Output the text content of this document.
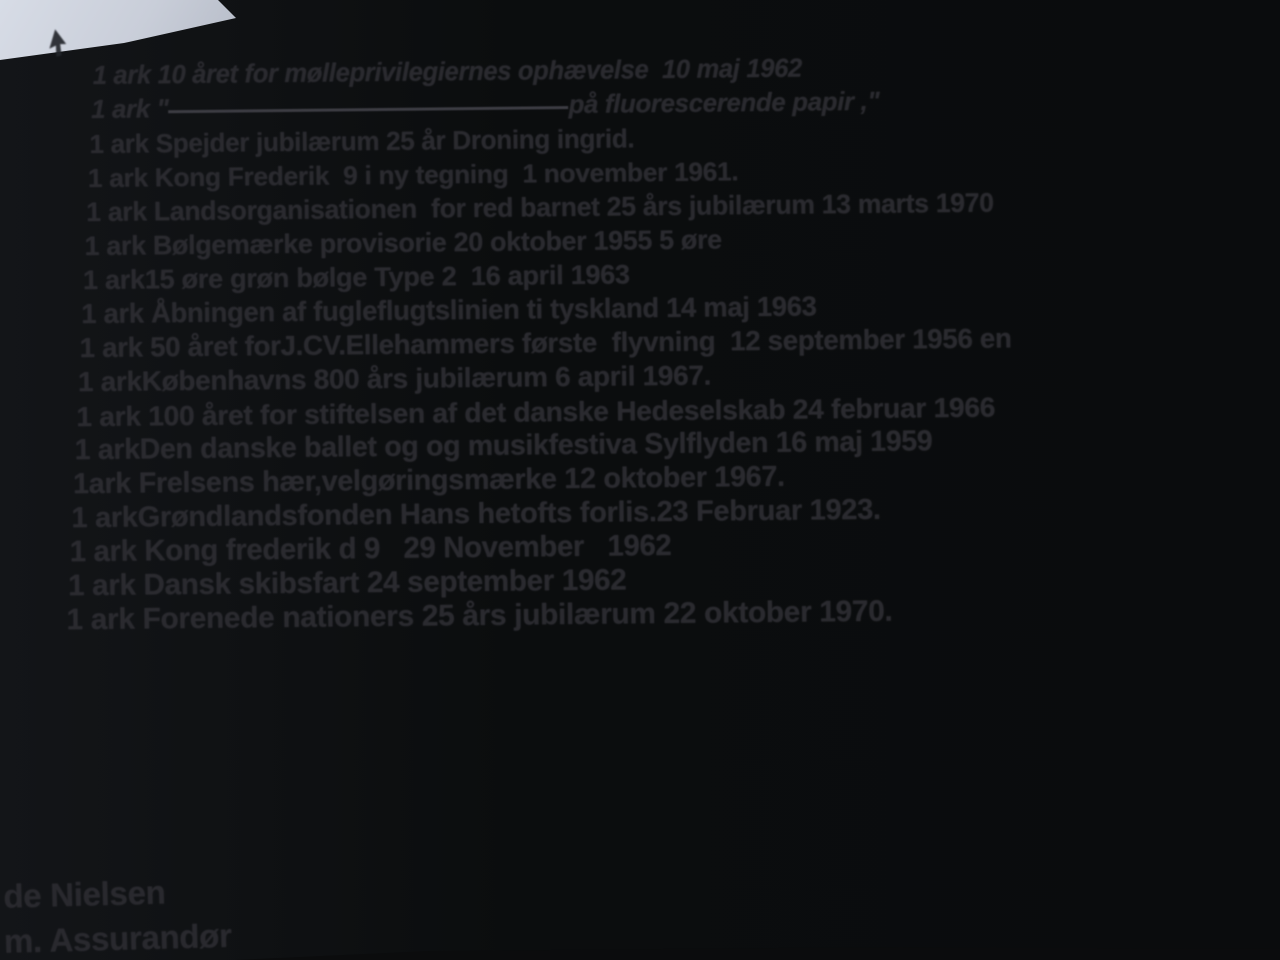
1 ark 10 året for mølleprivilegiernes ophævelse  10 maj 1962
1 ark "	på fluorescerende papir ,"
1 ark Spejder jubilærum 25 år Droning ingrid.
1 ark Kong Frederik  9 i ny tegning  1 november 1961.
1 ark Landsorganisationen  for red barnet 25 års jubilærum 13 marts 1970
1 ark Bølgemærke provisorie 20 oktober 1955 5 øre
1 ark15 øre grøn bølge Type 2  16 april 1963
1 ark Åbningen af fugleflugtslinien ti tyskland 14 maj 1963
1 ark 50 året forJ.CV.Ellehammers første  flyvning  12 september 1956 en
1 arkKøbenhavns 800 års jubilærum 6 april 1967.
1 ark 100 året for stiftelsen af det danske Hedeselskab 24 februar 1966
1 arkDen danske ballet og og musikfestiva Sylflyden 16 maj 1959
1ark Frelsens hær,velgøringsmærke 12 oktober 1967.
1 arkGrøndlandsfonden Hans hetofts forlis.23 Februar 1923.
1 ark Kong frederik d 9   29 November   1962
1 ark Dansk skibsfart 24 september 1962
1 ark Forenede nationers 25 års jubilærum 22 oktober 1970.
de Nielsen
m. Assurandør
